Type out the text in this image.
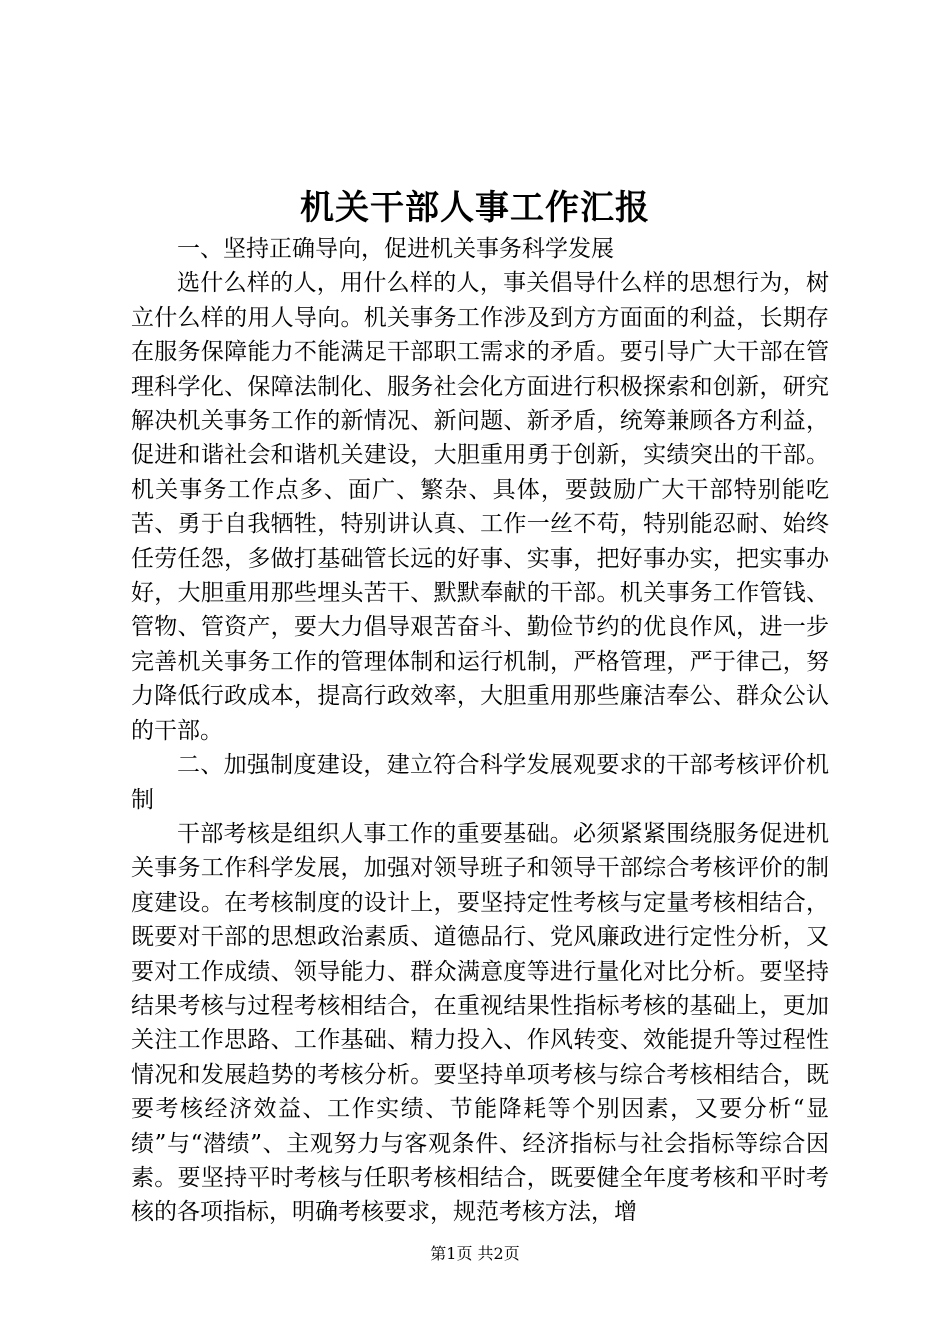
机关干部人事工作汇报

一、坚持正确导向，促进机关事务科学发展

选什么样的人，用什么样的人，事关倡导什么样的思想行为，树立什么样的用人导向。机关事务工作涉及到方方面面的利益，长期存在服务保障能力不能满足干部职工需求的矛盾。要引导广大干部在管理科学化、保障法制化、服务社会化方面进行积极探索和创新，研究解决机关事务工作的新情况、新问题、新矛盾，统筹兼顾各方利益，促进和谐社会和谐机关建设，大胆重用勇于创新，实绩突出的干部。机关事务工作点多、面广、繁杂、具体，要鼓励广大干部特别能吃苦、勇于自我牺牲，特别讲认真、工作一丝不苟，特别能忍耐、始终任劳任怨，多做打基础管长远的好事、实事，把好事办实，把实事办好，大胆重用那些埋头苦干、默默奉献的干部。机关事务工作管钱、管物、管资产，要大力倡导艰苦奋斗、勤俭节约的优良作风，进一步完善机关事务工作的管理体制和运行机制，严格管理，严于律己，努力降低行政成本，提高行政效率，大胆重用那些廉洁奉公、群众公认的干部。

二、加强制度建设，建立符合科学发展观要求的干部考核评价机制

干部考核是组织人事工作的重要基础。必须紧紧围绕服务促进机关事务工作科学发展，加强对领导班子和领导干部综合考核评价的制度建设。在考核制度的设计上，要坚持定性考核与定量考核相结合，既要对干部的思想政治素质、道德品行、党风廉政进行定性分析，又要对工作成绩、领导能力、群众满意度等进行量化对比分析。要坚持结果考核与过程考核相结合，在重视结果性指标考核的基础上，更加关注工作思路、工作基础、精力投入、作风转变、效能提升等过程性情况和发展趋势的考核分析。要坚持单项考核与综合考核相结合，既要考核经济效益、工作实绩、节能降耗等个别因素，又要分析“显绩”与“潜绩”、主观努力与客观条件、经济指标与社会指标等综合因素。要坚持平时考核与任职考核相结合，既要健全年度考核和平时考核的各项指标，明确考核要求，规范考核方法，增

第1页 共2页
